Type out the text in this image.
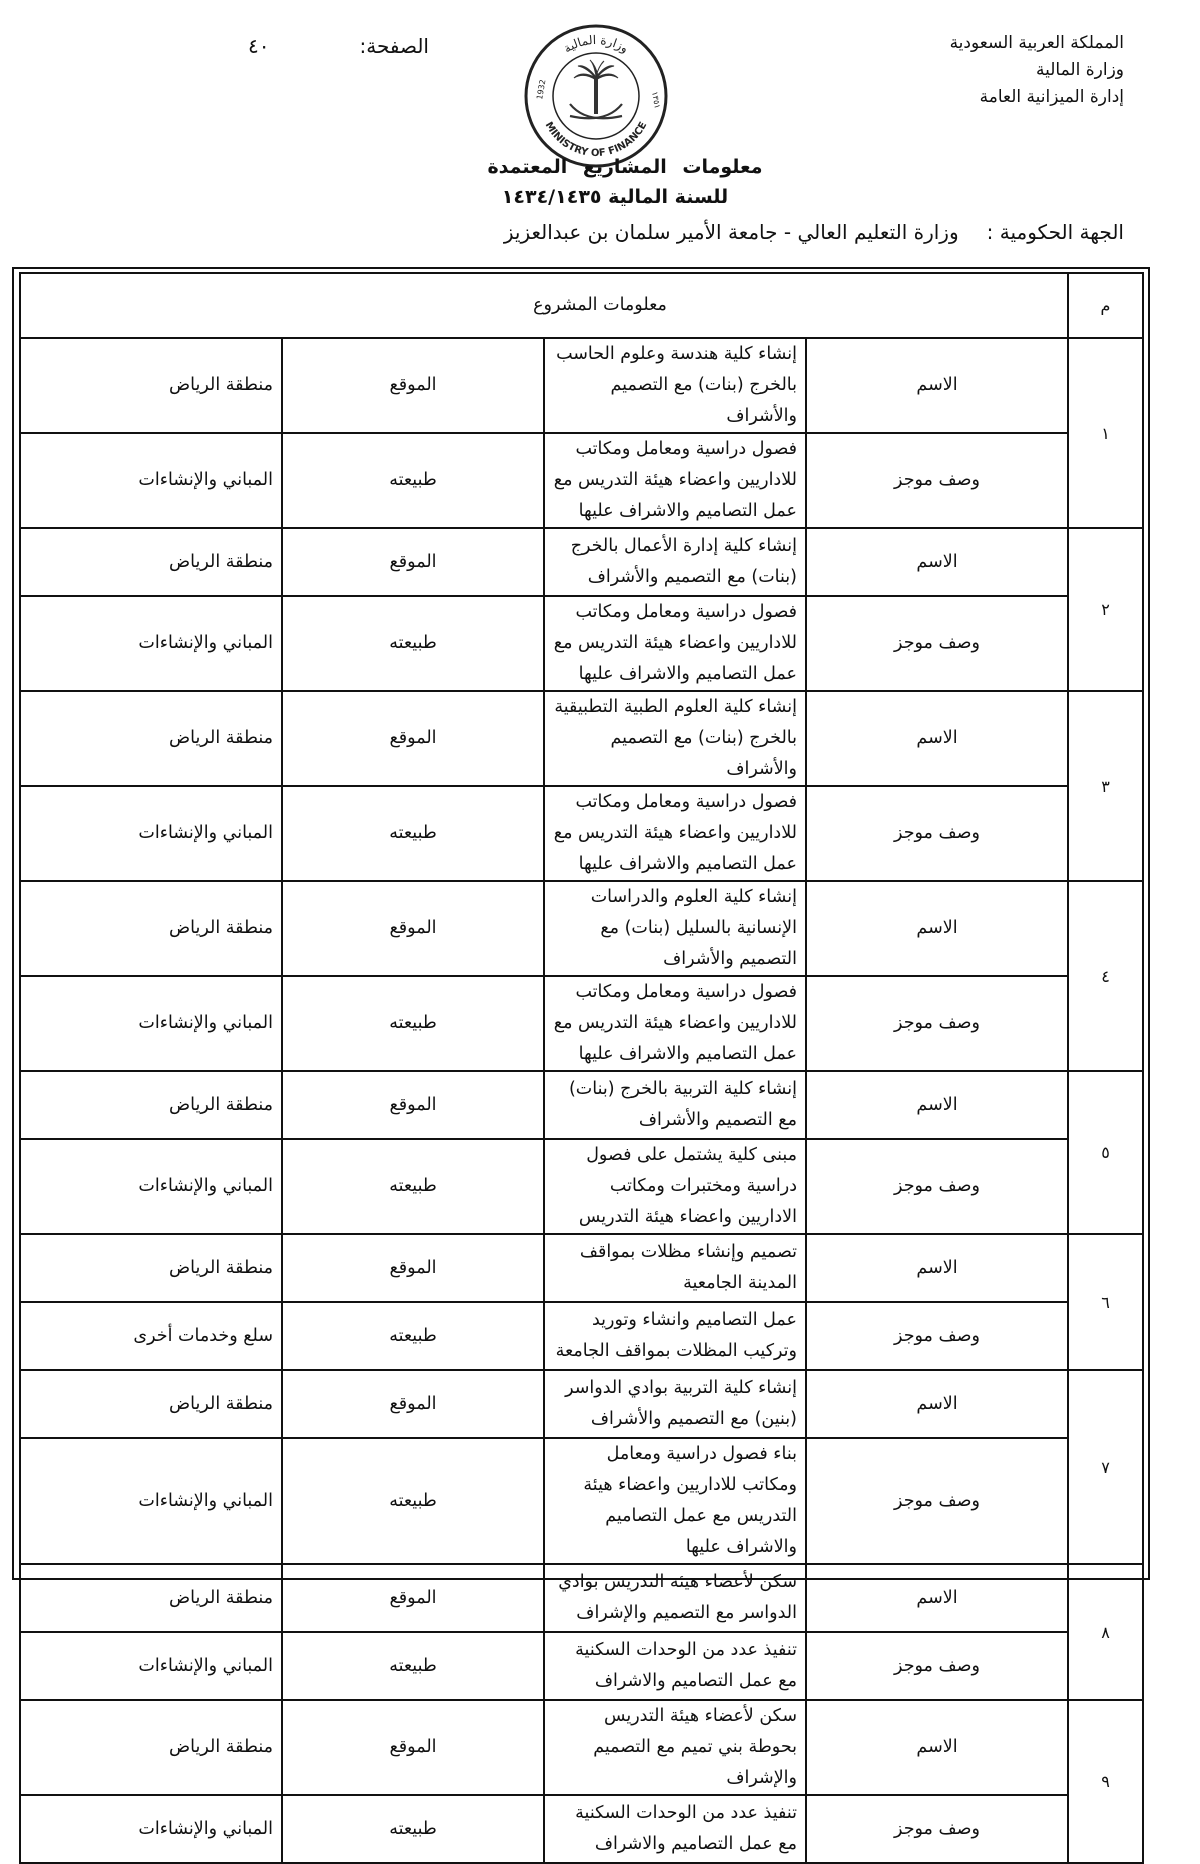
المملكة العربية السعودية
وزارة المالية
إدارة الميزانية العامة
الصفحة:٤٠	وزارة المالية
MINISTRY OF FINANCE
1932	١٣٥١
معلومات المشاريع المعتمدة
للسنة المالية ١٤٣٤/١٤٣٥
الجهة الحكومية :وزارة التعليم العالي - جامعة الأمير سلمان بن عبدالعزيز
م	معلومات المشروع			
١	الاسم	إنشاء كلية هندسة وعلوم الحاسب بالخرج (بنات) مع التصميم والأشراف	الموقع	منطقة الرياض
	وصف موجز	فصول دراسية ومعامل ومكاتب للاداريين واعضاء هيئة التدريس مع عمل التصاميم والاشراف عليها	طبيعته	المباني والإنشاءات
٢	الاسم	إنشاء كلية إدارة الأعمال بالخرج (بنات) مع التصميم والأشراف	الموقع	منطقة الرياض
	وصف موجز	فصول دراسية ومعامل ومكاتب للاداريين واعضاء هيئة التدريس مع عمل التصاميم والاشراف عليها	طبيعته	المباني والإنشاءات
٣	الاسم	إنشاء كلية العلوم الطبية التطبيقية بالخرج (بنات) مع التصميم والأشراف	الموقع	منطقة الرياض
	وصف موجز	فصول دراسية ومعامل ومكاتب للاداريين واعضاء هيئة التدريس مع عمل التصاميم والاشراف عليها	طبيعته	المباني والإنشاءات
٤	الاسم	إنشاء كلية العلوم والدراسات الإنسانية بالسليل (بنات) مع التصميم والأشراف	الموقع	منطقة الرياض
	وصف موجز	فصول دراسية ومعامل ومكاتب للاداريين واعضاء هيئة التدريس مع عمل التصاميم والاشراف عليها	طبيعته	المباني والإنشاءات
٥	الاسم	إنشاء كلية التربية بالخرج (بنات) مع التصميم والأشراف	الموقع	منطقة الرياض
	وصف موجز	مبنى كلية يشتمل على فصول دراسية ومختبرات ومكاتب الاداريين واعضاء هيئة التدريس	طبيعته	المباني والإنشاءات
٦	الاسم	تصميم وإنشاء مظلات بمواقف المدينة الجامعية	الموقع	منطقة الرياض
	وصف موجز	عمل التصاميم وانشاء وتوريد وتركيب المظلات بمواقف الجامعة	طبيعته	سلع وخدمات أخرى
٧	الاسم	إنشاء كلية التربية بوادي الدواسر (بنين) مع التصميم والأشراف	الموقع	منطقة الرياض
	وصف موجز	بناء فصول دراسية ومعامل ومكاتب للاداريين واعضاء هيئة التدريس مع عمل التصاميم والاشراف عليها	طبيعته	المباني والإنشاءات
٨	الاسم	سكن لأعضاء هيئة التدريس بوادي الدواسر مع التصميم والإشراف	الموقع	منطقة الرياض
	وصف موجز	تنفيذ عدد من الوحدات السكنية مع عمل التصاميم والاشراف	طبيعته	المباني والإنشاءات
٩	الاسم	سكن لأعضاء هيئة التدريس بحوطة بني تميم مع التصميم والإشراف	الموقع	منطقة الرياض
	وصف موجز	تنفيذ عدد من الوحدات السكنية مع عمل التصاميم والاشراف	طبيعته	المباني والإنشاءات
